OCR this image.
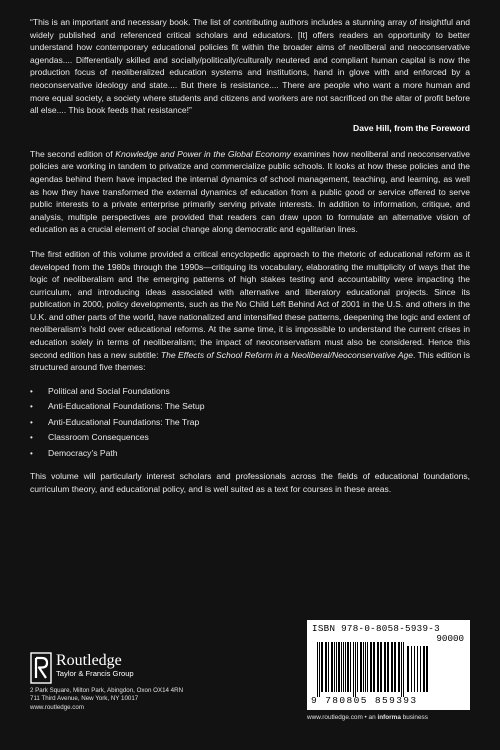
“This is an important and necessary book. The list of contributing authors includes a stunning array of insightful and widely published and referenced critical scholars and educators. [It] offers readers an opportunity to better understand how contemporary educational policies fit within the broader aims of neoliberal and neoconservative agendas.... Differentially skilled and socially/politically/culturally neutered and compliant human capital is now the production focus of neoliberalized education systems and institutions, hand in glove with and enforced by a neoconservative ideology and state.... But there is resistance.... There are people who want a more human and more equal society, a society where students and citizens and workers are not sacrificed on the altar of profit before all else.... This book feeds that resistance!”

Dave Hill, from the Foreword

The second edition of Knowledge and Power in the Global Economy examines how neoliberal and neoconservative policies are working in tandem to privatize and commercialize public schools. It looks at how these policies and the agendas behind them have impacted the internal dynamics of school management, teaching, and learning, as well as how they have transformed the external dynamics of education from a public good or service offered to serve public interests to a private enterprise primarily serving private interests. In addition to information, critique, and analysis, multiple perspectives are provided that readers can draw upon to formulate an alternative vision of education as a crucial element of social change along democratic and egalitarian lines.

The first edition of this volume provided a critical encyclopedic approach to the rhetoric of educational reform as it developed from the 1980s through the 1990s—critiquing its vocabulary, elaborating the multiplicity of ways that the logic of neoliberalism and the emerging patterns of high stakes testing and accountability were impacting the curriculum, and introducing ideas associated with alternative and liberatory educational projects. Since its publication in 2000, policy developments, such as the No Child Left Behind Act of 2001 in the U.S. and others in the U.K. and other parts of the world, have nationalized and intensified these patterns, deepening the logic and extent of neoliberalism’s hold over educational reforms. At the same time, it is impossible to understand the current crises in education solely in terms of neoliberalism; the impact of neoconservatism must also be considered. Hence this second edition has a new subtitle: The Effects of School Reform in a Neoliberal/Neoconservative Age. This edition is structured around five themes:

• Political and Social Foundations
• Anti-Educational Foundations: The Setup
• Anti-Educational Foundations: The Trap
• Classroom Consequences
• Democracy’s Path

This volume will particularly interest scholars and professionals across the fields of educational foundations, curriculum theory, and educational policy, and is well suited as a text for courses in these areas.

Routledge
Taylor & Francis Group
2 Park Square, Milton Park, Abingdon, Oxon OX14 4RN
711 Third Avenue, New York, NY 10017
www.routledge.com
ISBN 978-0-8058-5939-3
90000
9 780805 859393
www.routledge.com • an informa business
